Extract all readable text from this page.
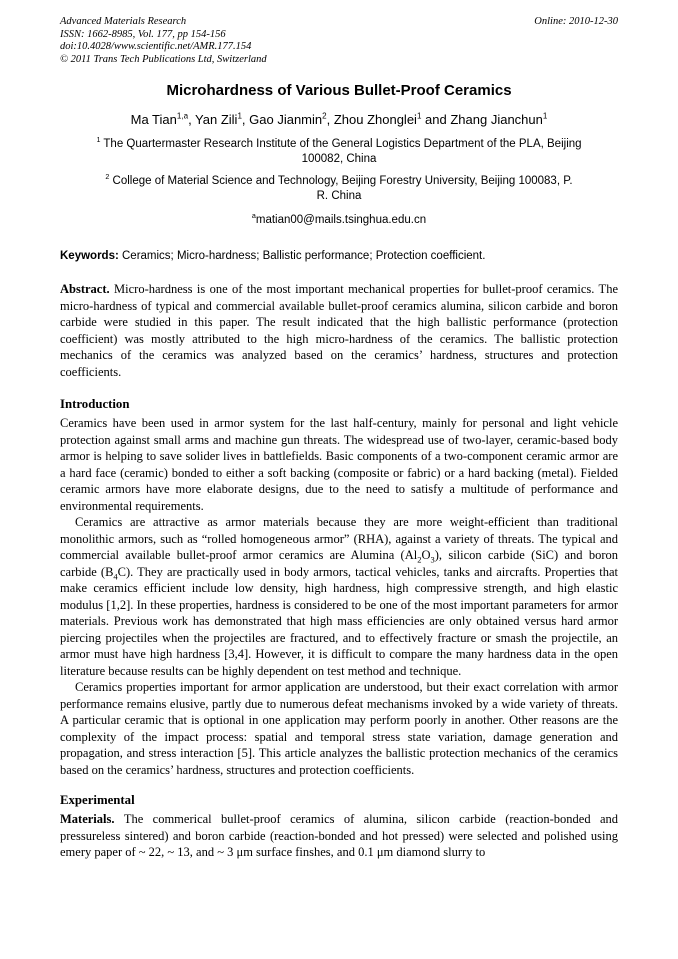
Advanced Materials Research
ISSN: 1662-8985, Vol. 177, pp 154-156
doi:10.4028/www.scientific.net/AMR.177.154
© 2011 Trans Tech Publications Ltd, Switzerland
Online: 2010-12-30
Microhardness of Various Bullet-Proof Ceramics
Ma Tian$^{1,a}$, Yan Zili$^1$, Gao Jianmin$^2$, Zhou Zhonglei$^1$ and Zhang Jianchun$^1$
$^1$ The Quartermaster Research Institute of the General Logistics Department of the PLA, Beijing 100082, China
$^2$ College of Material Science and Technology, Beijing Forestry University, Beijing 100083, P. R. China
$^a$matian00@mails.tsinghua.edu.cn
Keywords: Ceramics; Micro-hardness; Ballistic performance; Protection coefficient.
Abstract. Micro-hardness is one of the most important mechanical properties for bullet-proof ceramics. The micro-hardness of typical and commercial available bullet-proof ceramics alumina, silicon carbide and boron carbide were studied in this paper. The result indicated that the high ballistic performance (protection coefficient) was mostly attributed to the high micro-hardness of the ceramics. The ballistic protection mechanics of the ceramics was analyzed based on the ceramics’ hardness, structures and protection coefficients.
Introduction

Ceramics have been used in armor system for the last half-century, mainly for personal and light vehicle protection against small arms and machine gun threats. The widespread use of two-layer, ceramic-based body armor is helping to save solider lives in battlefields. Basic components of a two-component ceramic armor are a hard face (ceramic) bonded to either a soft backing (composite or fabric) or a hard backing (metal). Fielded ceramic armors have more elaborate designs, due to the need to satisfy a multitude of performance and environmental requirements.

Ceramics are attractive as armor materials because they are more weight-efficient than traditional monolithic armors, such as “rolled homogeneous armor” (RHA), against a variety of threats. The typical and commercial available bullet-proof armor ceramics are Alumina $(Al_2O_3)$, silicon carbide (SiC) and boron carbide $(B_4C)$. They are practically used in body armors, tactical vehicles, tanks and aircrafts. Properties that make ceramics efficient include low density, high hardness, high compressive strength, and high elastic modulus [1,2]. In these properties, hardness is considered to be one of the most important parameters for armor materials. Previous work has demonstrated that high mass efficiencies are only obtained versus hard armor piercing projectiles when the projectiles are fractured, and to effectively fracture or smash the projectile, an armor must have high hardness [3,4]. However, it is difficult to compare the many hardness data in the open literature because results can be highly dependent on test method and technique.

Ceramics properties important for armor application are understood, but their exact correlation with armor performance remains elusive, partly due to numerous defeat mechanisms invoked by a wide variety of threats. A particular ceramic that is optional in one application may perform poorly in another. Other reasons are the complexity of the impact process: spatial and temporal stress state variation, damage generation and propagation, and stress interaction [5]. This article analyzes the ballistic protection mechanics of the ceramics based on the ceramics’ hardness, structures and protection coefficients.

Experimental

Materials. The commerical bullet-proof ceramics of alumina, silicon carbide (reaction-bonded and pressureless sintered) and boron carbide (reaction-bonded and hot pressed) were selected and polished using emery paper of ~ 22, ~ 13, and ~ 3 μm surface finshes, and 0.1 μm diamond slurry to
